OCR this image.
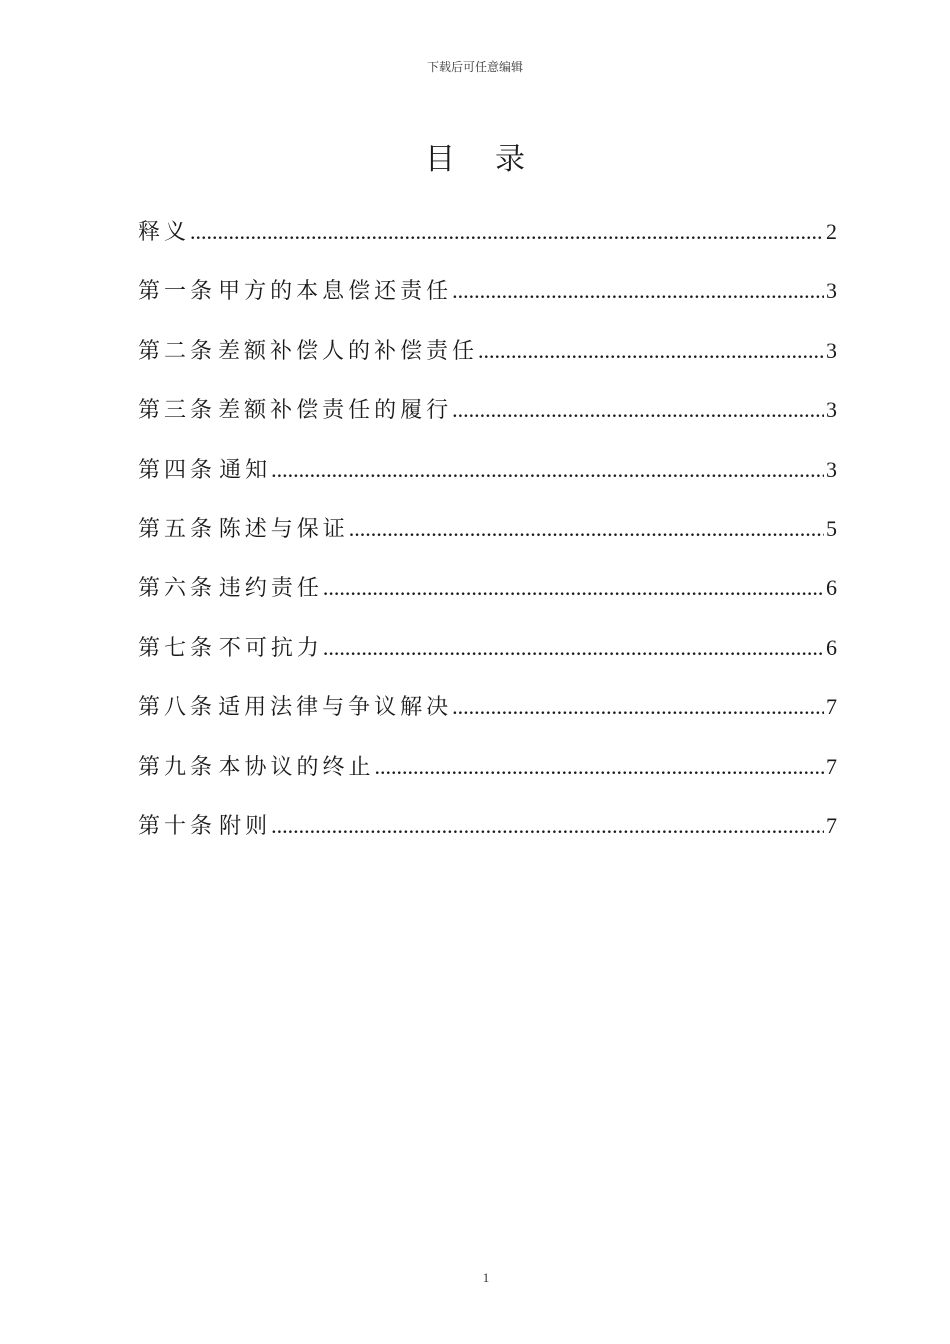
下载后可任意编辑
目录
释义 .....	2
第一条 甲方的本息偿还责任 .....	3
第二条 差额补偿人的补偿责任 .....	3
第三条 差额补偿责任的履行 .....	3
第四条 通知 .....	3
第五条 陈述与保证 .....	5
第六条 违约责任 .....	6
第七条 不可抗力 .....	6
第八条 适用法律与争议解决 .....	7
第九条 本协议的终止 .....	7
第十条 附则 .....	7
1
